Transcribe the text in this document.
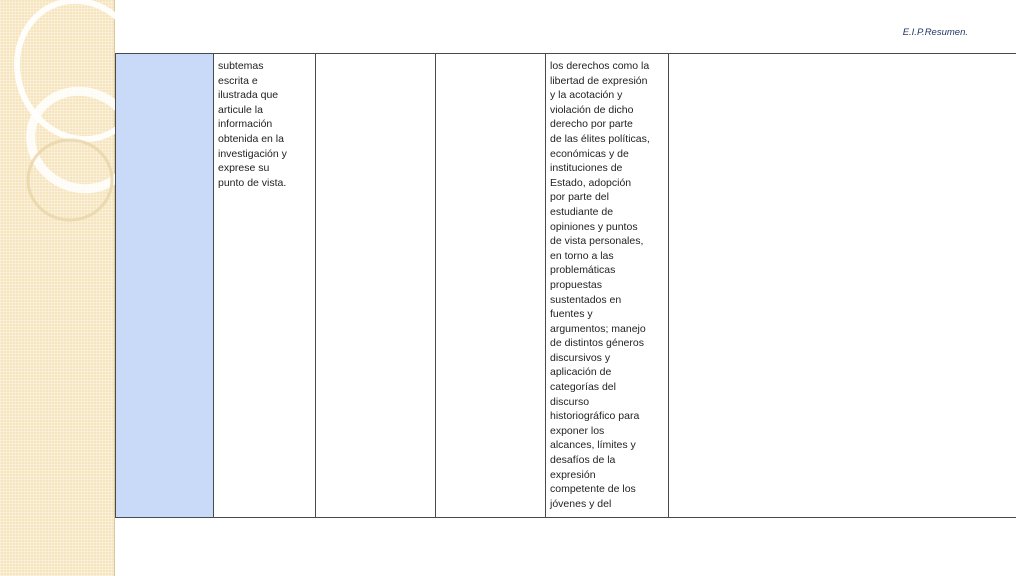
E.I.P.Resumen.

subtemas
escrita e
ilustrada que
articule la
información
obtenida en la
investigación y
exprese su
punto de vista.

los derechos como la
libertad de expresión
y la acotación y
violación de dicho
derecho por parte
de las élites políticas,
económicas y de
instituciones de
Estado, adopción
por parte del
estudiante de
opiniones y puntos
de vista personales,
en torno a las
problemáticas
propuestas
sustentados en
fuentes y
argumentos; manejo
de distintos géneros
discursivos y
aplicación de
categorías del
discurso
historiográfico para
exponer los
alcances, límites y
desafíos de la
expresión
competente de los
jóvenes y del
